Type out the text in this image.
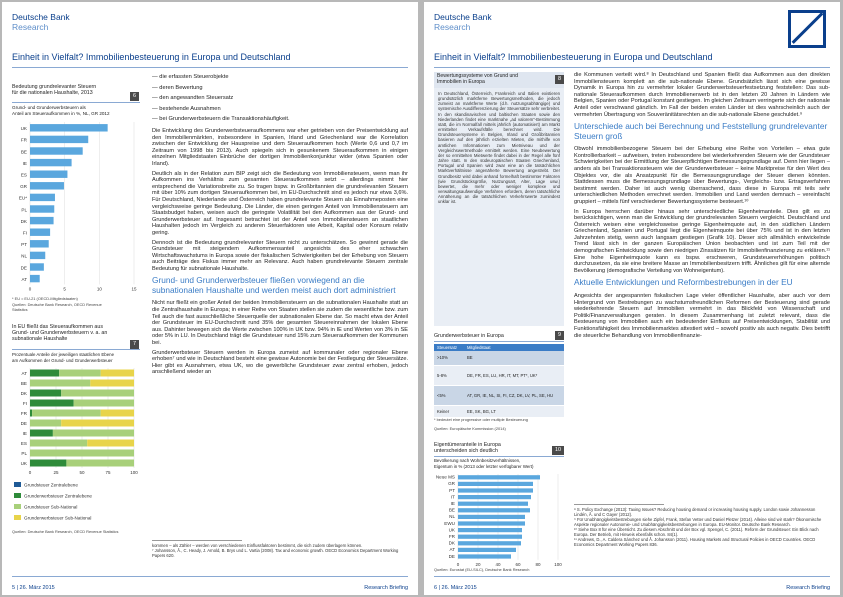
Deutsche Bank
Research
Einheit in Vielfalt? Immobilienbesteuerung in Europa und Deutschland
Bedeutung grundrelevanter Steuern
für die nationalen Haushalte, 2013	6
Grund- und Grunderwerbsteuern als
Anteil am Steueraufkommen in %, NL, GR 2012
0	5	10	15
UK
FR
BE
IE
ES
GR
EU*
PL
DK
FI
PT
NL
DE
AT
* EU = EU-21 (OECD-Mitgliedstaaten)
Quellen: Deutsche Bank Research, OECD Revenue
Statistics
In EU fließt das Steueraufkommen aus
Grund- und Grunderwerbsteuern v. a. an
subnationale Haushalte
7
Prozentuale Anteile der jeweiligen staatlichen Ebene
am Aufkommen der Grund- und Grunderwerbsteuer
0	25	50	75	100
AT
BE
DK
FI
FR
DE
IE
ES
PL
UK
Grundsteuer Zentralebene
Grunderwerbsteuer Zentralebene
Grundsteuer Sub-National
Grunderwerbsteuer Sub-National
Quellen: Deutsche Bank Research, OECD Revenue Statistics
— die erfassten Steuerobjekte
— deren Bewertung
— den angewandten Steuersatz
— bestehende Ausnahmen
— bei Grunderwerbsteuern die Transaktionshäufigkeit.

Die Entwicklung des Grunderwerbsteueraufkommens war eher getrieben von der Preisentwicklung auf den Immobilienmärkten, insbesondere in Spanien, Irland und Griechenland war die Korrelation zwischen der Entwicklung der Hauspreise und dem Steueraufkommen hoch (Werte 0,6 und 0,7 im Zeitraum von 1998 bis 2013). Auch spiegeln sich in gesunkenem Steueraufkommen in einigen einzelnen Mitgliedstaaten Einbrüche der dortigen Immobilienkonjunktur wider (etwa Spanien oder Irland).

Deutlich als in der Relation zum BIP zeigt sich die Bedeutung von Immobiliensteuern, wenn man ihr Aufkommen ins Verhältnis zum gesamten Steueraufkommen setzt – allerdings nimmt hier entsprechend die Variationsbreite zu. So tragen bspw. in Großbritannien die grundrelevanten Steuern mit über 10% zum dortigen Steueraufkommen bei, im EU-Durchschnitt sind es jedoch nur etwa 3,6%. Für Deutschland, Niederlande und Österreich haben grundrelevante Steuern als Einnahmeposten eine vergleichsweise geringe Bedeutung. Die Länder, die einen geringen Anteil von Immobiliensteuern am Staatsbudget haben, weisen auch die geringste Volatilität bei den Aufkommen aus der Grund- und Grunderwerbsteuer auf. Insgesamt betrachtet ist der Anteil von Immobiliensteuern an staatlichen Haushalten jedoch im Vergleich zu anderen Steuerfaktoren wie Arbeit, Kapital oder Konsum relativ gering.

Dennoch ist die Bedeutung grundrelevanter Steuern nicht zu unterschätzen. So gewinnt gerade die Grundsteuer mit steigendem Aufkommensanteil angesichts des eher schwachen Wirtschaftswachstums in Europa sowie der fiskalischen Schwierigkeiten bei der Erhebung von Steuern auch Beiträge des Fiskus immer mehr an Relevanz. Auch haben grundrelevante Steuern zentrale Bedeutung für subnationale Haushalte.

Grund- und Grunderwerbsteuer fließen vorwiegend an die subnationalen Haushalte und werden meist auch dort administriert

Nicht nur fließt ein großer Anteil der beiden Immobiliensteuern an die subnationalen Haushalte statt an die Zentralhaushalte in Europa; in einer Reihe von Staaten stellen sie zudem die wesentliche bzw. zum Teil auch die fast ausschließliche Steuerquelle der subnationalen Ebene dar. So macht etwa der Anteil der Grundsteuer im EU-Durchschnitt rund 35% der gesamten Steuereinnahmen der lokalen Ebene aus. Dahinter bewegen sich die Werte zwischen 100% in UK bzw. 94% in IE und Werten von 3% in SE oder 5% in LU. In Deutschland trägt die Grundsteuer rund 15% zum Steueraufkommen der Kommunen bei.

Grunderwerbsteuer Steuern werden in Europa zumeist auf kommunaler oder regionaler Ebene erhoben⁷ und wie in Deutschland besteht eine gewisse Autonomie bei der Festlegung der Steuersätze. Hier gibt es Ausnahmen, etwa UK, wo die gewerbliche Grundsteuer zwar zentral erhoben, jedoch anschließend wieder an

kommen – als Zähler – werden von verschiedenen Einflussfaktoren bestimmt, die sich zudem überlagern können.
⁷ Johansson, Å., C. Heady, J. Arnold, B. Brys und L. Vartia (2008). Tax and economic growth. OECD Economics Department Working Papers 620.
5 | 26. März 2015	Research Briefing
Deutsche Bank
Research
Einheit in Vielfalt? Immobilienbesteuerung in Europa und Deutschland
Bewertungssysteme von Grund und
Immobilien in Europa	8
In Deutschland, Österreich, Frankreich und Italien existieren grundsätzlich marktferne Bewertungsmethoden, die jedoch zumeist an marktferne Werte (d.h. nutzungsabhängige) und systemische Ausdifferenzierung der Steuersätze sehr verbreitet. In den skandinavischen und baltischen Staaten sowie den Niederlanden findet eine marktnahe „ad valorem“-Bestimmung statt, die im Normalfall mittels jährlich (automatisiert) am Markt ermittelter Verkaufsfälle berechnet wird. Die Grundsteuersysteme in Belgien, Irland und Großbritannien basieren auf den jährlich erzielten Mieten, die mithilfe von amtlichen Informationen zum Mietniveau und der Vergleichswertmethode ermittelt werden. Eine Neubewertung der so ermittelten Mietwerte findet dabei in der Regel alle fünf Jahre statt. In den südeuropäischen Staaten Griechenland, Portugal und Spanien wird zwar eine an die tatsächlichen Marktverhältnisse angenäherte Bewertung angestrebt. Der Grundbesitz wird dabei anhand formelhaft bestimmter Faktoren (wie Grundstücksgröße, Nutzungsart, Alter, Lage usw.) bewertet, die mehr oder weniger komplexe und verwaltungsaufwendige Verfahren erfordern, deren tatsächliche Annäherung an die tatsächlichen Verkehrswerte zumindest unklar ist.
Grunderwerbsteuer in Europa	9
Steuersatz	Mitgliedstaat
>10%	BE
5-8%	DE, FR, ES, LU, HR, IT, MT, PT*, UK*
<5%	AT, GR, IE, NL, SI, FI, CZ, DK, LV, PL, SE, HU
Keiner	EE, SK, BG, LT
* bedeutet eine progressive oder multiple Besteuerung
Quellen: Europäische Kommission (2014)
Eigentümeranteile in Europa
unterscheiden sich deutlich	10
Bevölkerung nach Wohnbesitzverhältnissen,
Eigentum in % (2013 oder letzter verfügbarer Wert)
0	20	40	60	80	100
Neue MS
GR
PT
IT
IE
BE
NL
EWU
UK
FR
DK
AT
DE
Quellen: Eurostat (EU-SILC), Deutsche Bank Research

die Kommunen verteilt wird.⁸ In Deutschland und Spanien fließt das Aufkommen aus den direkten Immobiliensteuern komplett an die sub-nationale Ebene. Grundsätzlich lässt sich eine gewisse Dynamik in Europa hin zu vermehrter lokaler Grunderwerbsteuerfestsetzung feststellen: Das sub-nationale Steueraufkommen durch Immobilienerwerb ist in den letzten 20 Jahren in Ländern wie Belgien, Spanien oder Portugal konstant gestiegen. Im gleichen Zeitraum verringerte sich der nationale Anteil oder verschwand gänzlich. Im Fall der beiden ersten Länder ist dies wahrscheinlich auch der vermehrten Übertragung von Souveränitätsrechten an die sub-nationale Ebene geschuldet.⁹

Unterschiede auch bei Berechnung und Feststellung grundrelevanter Steuern groß

Obwohl immobilienbezogene Steuern bei der Erhebung eine Reihe von Vorteilen – etwa gute Kontrollierbarkeit – aufweisen, treten insbesondere bei wiederkehrenden Steuern wie der Grundsteuer Schwierigkeiten bei der Ermittlung der Steuerpflichtigen Bemessungsgrundlage auf. Denn hier liegen – anders als bei Transaktionssteuern wie der Grunderwerbsteuer – keine Marktpreise für den Wert des Objektes vor, die als Ansatzpunkt für die Bemessungsgrundlage der Steuer dienen könnten. Stattdessen muss die Bemessungsgrundlage über Bewertungs-, Vergleichs- bzw. Ertragsverfahren bestimmt werden. Daher ist auch wenig überraschend, dass diese in Europa mit teils sehr unterschiedlichen Methoden errechnet werden. Immobilien und Land werden demnach – vereinfacht gruppiert – mittels fünf verschiedener Bewertungssysteme besteuert.¹⁰

In Europa herrschen darüber hinaus sehr unterschiedliche Eigenheimanteile. Dies gilt es zu berücksichtigen, wenn man die Entwicklung der grundrelevanten Steuern vergleicht. Deutschland und Österreich weisen eine vergleichsweise geringe Eigenheimquote auf, in den südlichen Ländern Griechenland, Spanien und Portugal liegt die Eigenheimquote bei über 75% und ist in den letzten Jahrzehnten stetig, wenn auch langsam gestiegen (Grafik 10). Dieser sich allmählich entwickelnde Trend lässt sich in der ganzen Europäischen Union beobachten und ist zum Teil mit der demografischen Entwicklung sowie den niedrigen Zinssätzen für Immobilienfinanzierung zu erklären.¹¹ Eine hohe Eigenheimquote kann es bspw. erschweren, Grundsteuererhöhungen politisch durchzusetzen, da sie eine breitere Masse an Immobilienbesitzern trifft. Ähnliches gilt für eine alternde Bevölkerung (demografische Verteilung von Wohneigentum).

Aktuelle Entwicklungen und Reformbestrebungen in der EU

Angesichts der angespannten fiskalischen Lage vieler öffentlicher Haushalte, aber auch vor dem Hintergrund von Bestrebungen zu wachstumsfreundlichen Reformen der Besteuerung sind gerade wiederkehrende Steuern auf Immobilien vermehrt in das Blickfeld von Wissenschaft und Politik/Finanzverwaltungen geraten. In diesem Zusammenhang ist zuletzt relevant, dass die Besteuerung von Immobilien auch ein bedeutender Einfluss auf Preisentwicklungen, Stabilität und Funktionsfähigkeit des Immobilienmarktes attestiert wird – sowohl positiv als auch negativ. Dies betrifft die steuerliche Behandlung von Immobilienfinanzie-

⁸ S. Policy Exchange (2013): Taxing Issues? Reducing housing demand or increasing housing supply. London sowie Johannesson Lindén, Å. und C Gayer (2012).
⁹ Für Unabhängigkeitsbestrebungen siehe Zipfel, Frank, Stefan Vetter und Daniel Pletzer (2014). Alleine sind wir stark? Ökonomische Aspekte regionaler Autonomie- und Unabhängigkeitsbestrebungen in Europa. EU-Monitor. Deutsche Bank Research.
¹⁰ Siehe Box 8 für eine Übersicht. Zu diesem Abschnitt und der Box vgl. Spengel, C. (2011). Reform der Grundsteuer: Ein Blick nach Europa. Der Betrieb, mit Hinweis ebenfalls schon. 84(1).
¹¹ Andrews, D., A. Caldera Sánchez und Å. Johansson (2011). Housing Markets and Structural Policies in OECD Countries. OECD Economics Department Working Papers 836.
6 | 26. März 2015	Research Briefing
